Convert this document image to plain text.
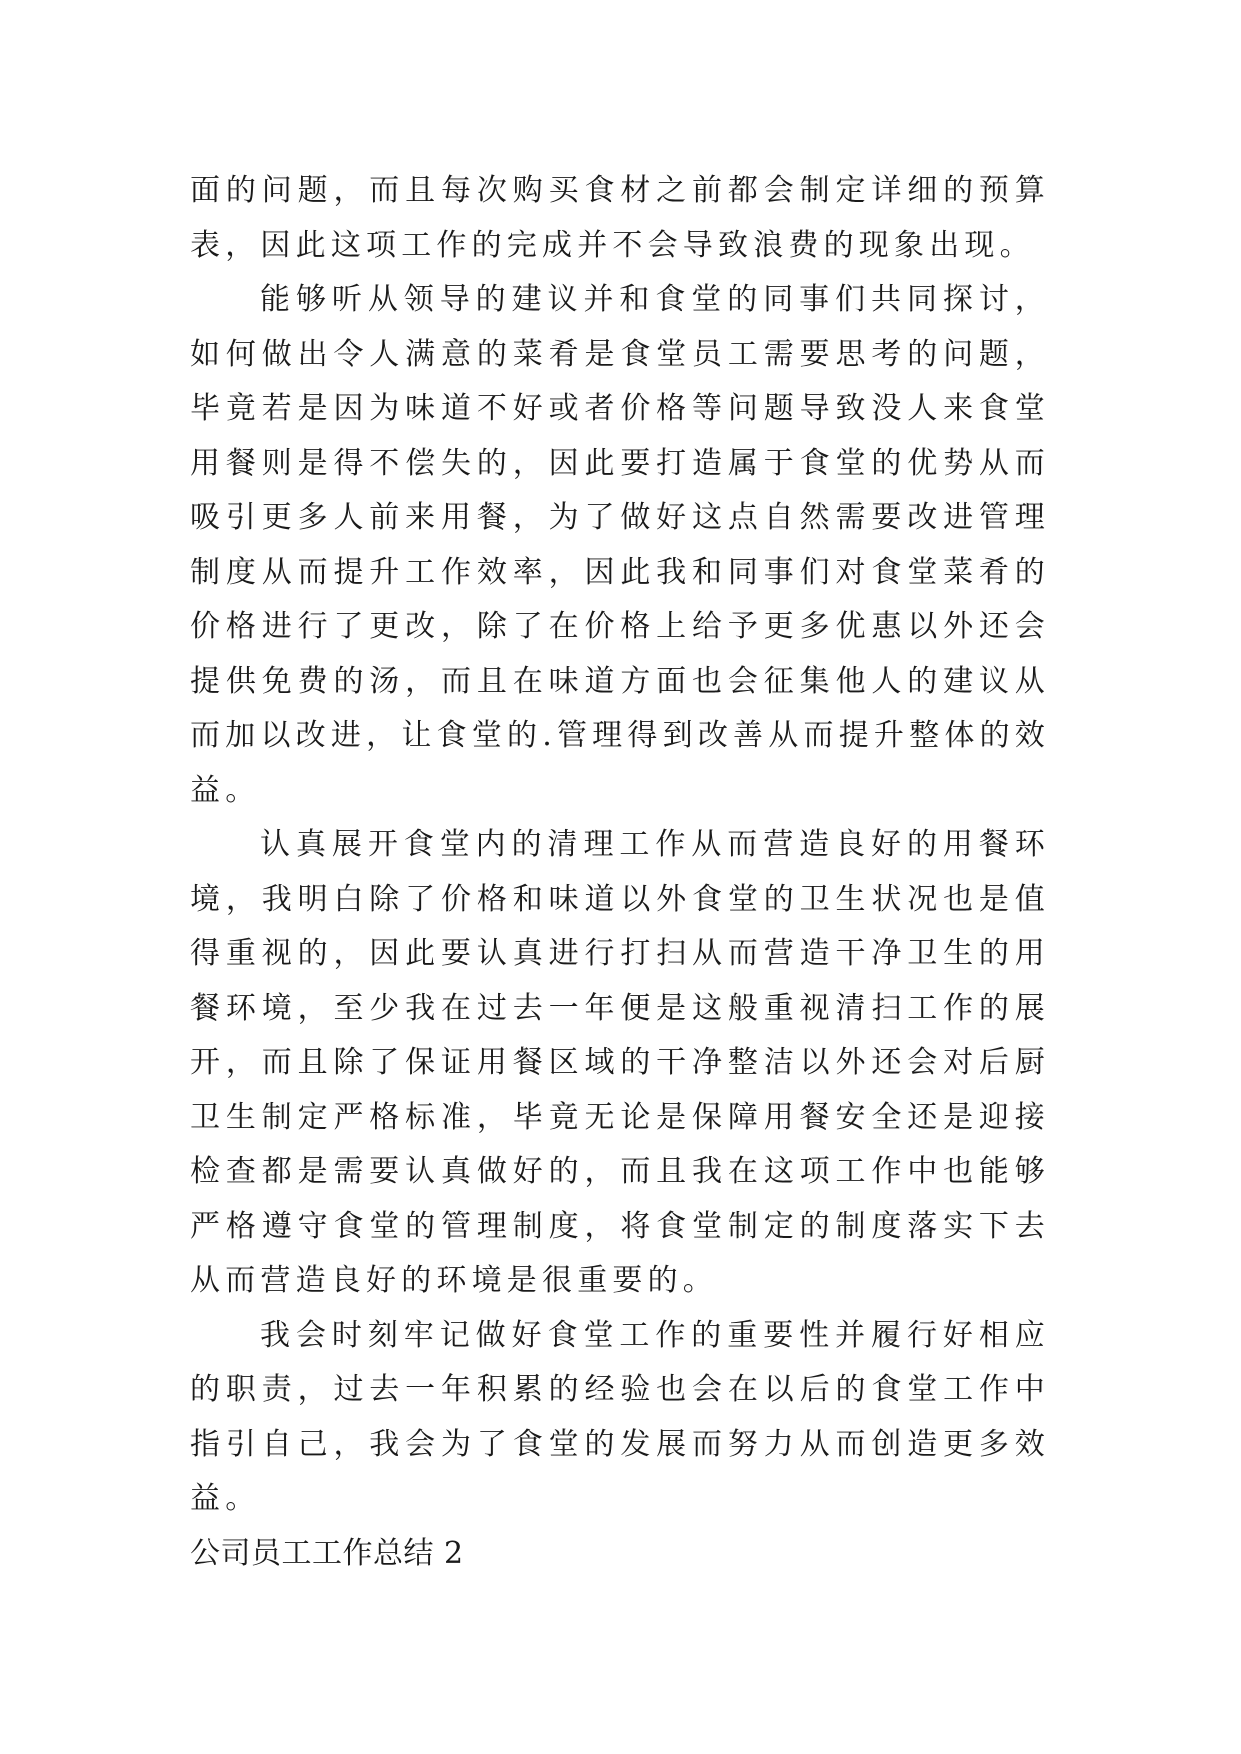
面的问题，而且每次购买食材之前都会制定详细的预算表，因此这项工作的完成并不会导致浪费的现象出现。

能够听从领导的建议并和食堂的同事们共同探讨，如何做出令人满意的菜肴是食堂员工需要思考的问题，毕竟若是因为味道不好或者价格等问题导致没人来食堂用餐则是得不偿失的，因此要打造属于食堂的优势从而吸引更多人前来用餐，为了做好这点自然需要改进管理制度从而提升工作效率，因此我和同事们对食堂菜肴的价格进行了更改，除了在价格上给予更多优惠以外还会提供免费的汤，而且在味道方面也会征集他人的建议从而加以改进，让食堂的.管理得到改善从而提升整体的效益。

认真展开食堂内的清理工作从而营造良好的用餐环境，我明白除了价格和味道以外食堂的卫生状况也是值得重视的，因此要认真进行打扫从而营造干净卫生的用餐环境，至少我在过去一年便是这般重视清扫工作的展开，而且除了保证用餐区域的干净整洁以外还会对后厨卫生制定严格标准，毕竟无论是保障用餐安全还是迎接检查都是需要认真做好的，而且我在这项工作中也能够严格遵守食堂的管理制度，将食堂制定的制度落实下去从而营造良好的环境是很重要的。

我会时刻牢记做好食堂工作的重要性并履行好相应的职责，过去一年积累的经验也会在以后的食堂工作中指引自己，我会为了食堂的发展而努力从而创造更多效益。

公司员工工作总结 2
